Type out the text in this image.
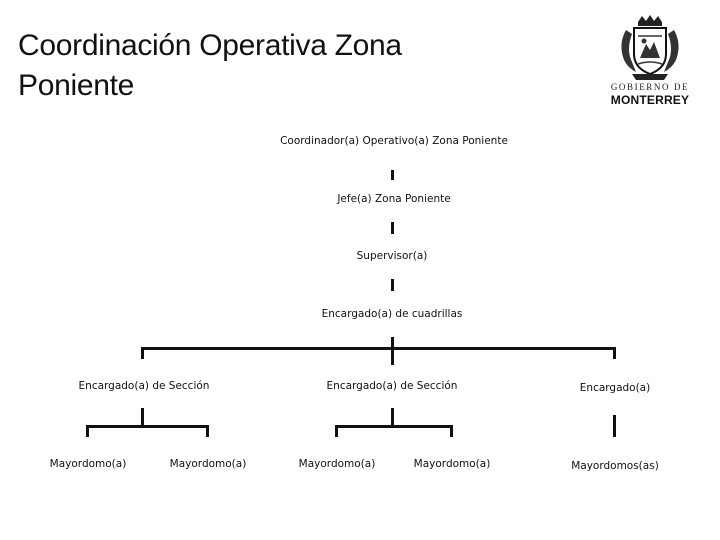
Coordinación Operativa Zona
Poniente	GOBIERNO DE
MONTERREY
Coordinador(a) Operativo(a) Zona Poniente
Jefe(a) Zona Poniente
Supervisor(a)
Encargado(a) de cuadrillas
Encargado(a) de Sección	Encargado(a) de Sección	Encargado(a)
Mayordomo(a)	Mayordomo(a)	Mayordomo(a)	Mayordomo(a)	Mayordomos(as)
